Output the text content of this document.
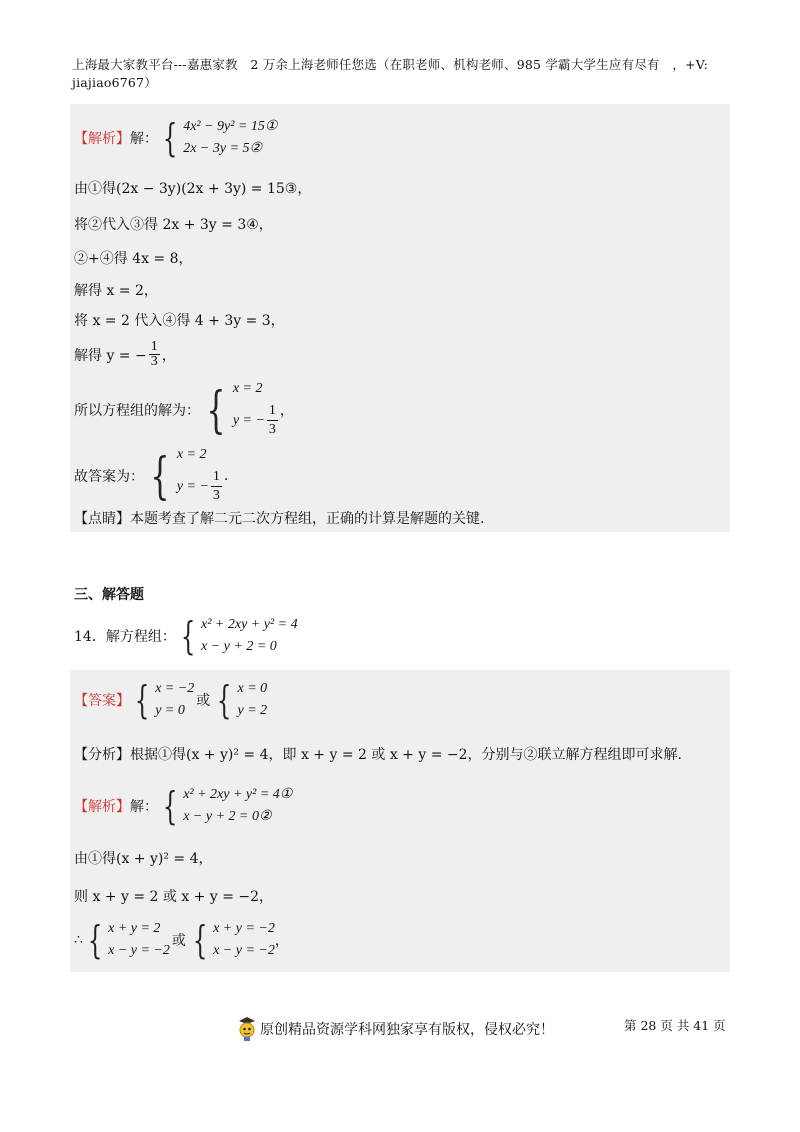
上海最大家教平台---嘉惠家教　2 万余上海老师任您选（在职老师、机构老师、985 学霸大学生应有尽有　，+V:
jiajiao6767）
【解析】 解： { 4x² − 9y² = 15①
2x − 3y = 5②
由①得(2x − 3y)(2x + 3y) = 15③，
将②代入③得 2x + 3y = 3④，
②+④得 4x = 8，
解得 x = 2，
将 x = 2 代入④得 4 + 3y = 3，
解得 y = − $\frac{1}{3}$ ，
所以方程组的解为： { x = 2
y = − $\frac{1}{3}$ ，
故答案为： { x = 2
y = − $\frac{1}{3}$ .
【点睛】本题考查了解二元二次方程组，正确的计算是解题的关键.
三、解答题
14．解方程组： { x² + 2xy + y² = 4
x − y + 2 = 0
【答案】 { x = −2
y = 0
或 { x = 0
y = 2
【分析】根据①得(x + y)² = 4，即 x + y = 2 或 x + y = −2，分别与②联立解方程组即可求解.
【解析】 解： { x² + 2xy + y² = 4①
x − y + 2 = 0②
由①得(x + y)² = 4，
则 x + y = 2 或 x + y = −2，
∴ { x + y = 2
x − y = −2
或 { x + y = −2
x − y = −2
，
原创精品资源学科网独家享有版权，侵权必究！	第 28 页 共 41 页
